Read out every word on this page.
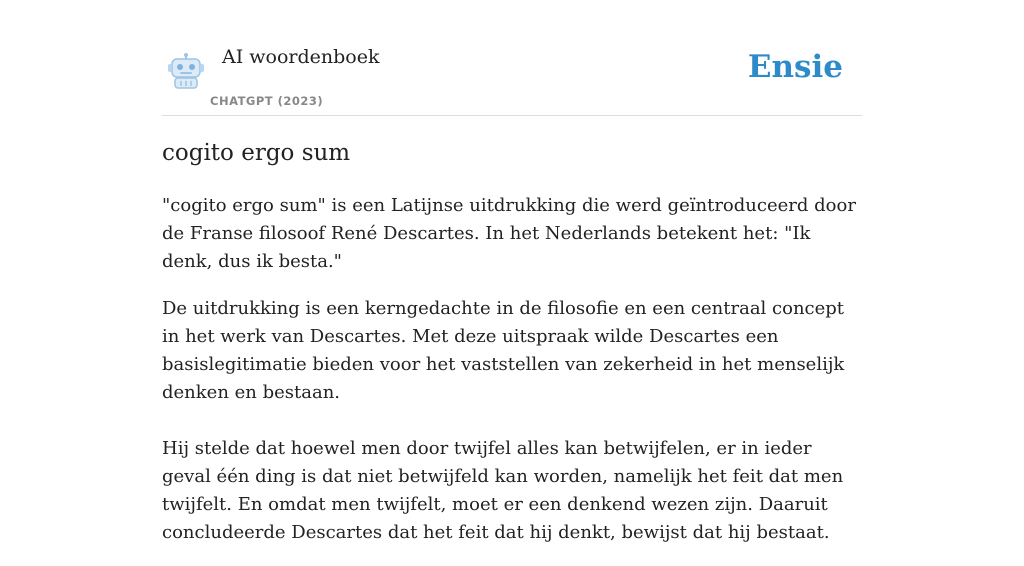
AI woordenboek
CHATGPT (2023)
Ensie
cogito ergo sum

"cogito ergo sum" is een Latijnse uitdrukking die werd geïntroduceerd door de Franse filosoof René Descartes. In het Nederlands betekent het: "Ik denk, dus ik besta."

De uitdrukking is een kerngedachte in de filosofie en een centraal concept in het werk van Descartes. Met deze uitspraak wilde Descartes een basislegitimatie bieden voor het vaststellen van zekerheid in het menselijk denken en bestaan.

Hij stelde dat hoewel men door twijfel alles kan betwijfelen, er in ieder geval één ding is dat niet betwijfeld kan worden, namelijk het feit dat men twijfelt. En omdat men twijfelt, moet er een denkend wezen zijn. Daaruit concludeerde Descartes dat het feit dat hij denkt, bewijst dat hij bestaat.
